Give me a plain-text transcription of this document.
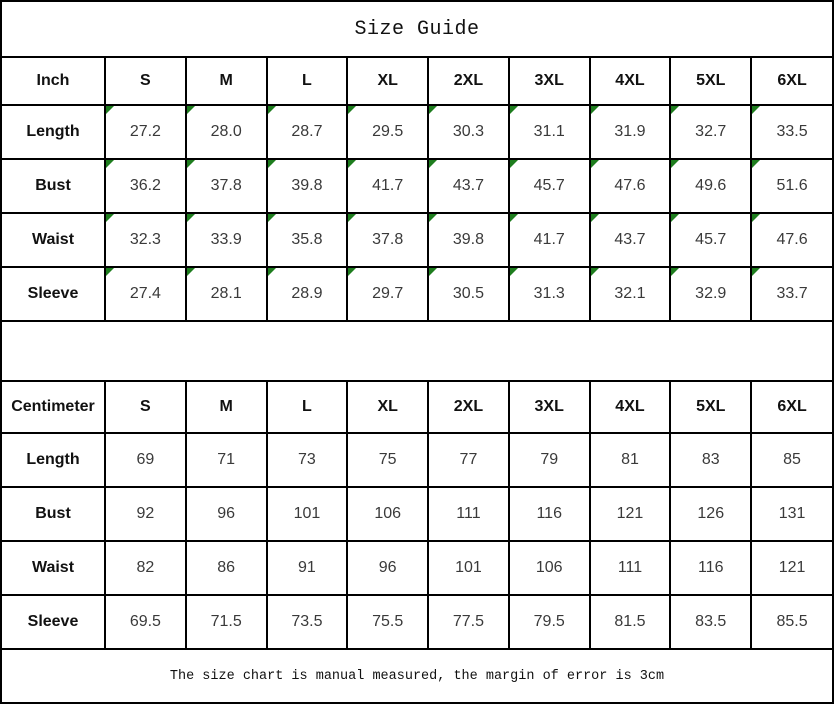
Size Guide
Inch	S	M	L	XL	2XL	3XL	4XL	5XL	6XL
Length	27.2	28.0	28.7	29.5	30.3	31.1	31.9	32.7	33.5
Bust	36.2	37.8	39.8	41.7	43.7	45.7	47.6	49.6	51.6
Waist	32.3	33.9	35.8	37.8	39.8	41.7	43.7	45.7	47.6
Sleeve	27.4	28.1	28.9	29.7	30.5	31.3	32.1	32.9	33.7
Centimeter	S	M	L	XL	2XL	3XL	4XL	5XL	6XL
Length	69	71	73	75	77	79	81	83	85
Bust	92	96	101	106	111	116	121	126	131
Waist	82	86	91	96	101	106	111	116	121
Sleeve	69.5	71.5	73.5	75.5	77.5	79.5	81.5	83.5	85.5
The size chart is manual measured, the margin of error is 3cm
